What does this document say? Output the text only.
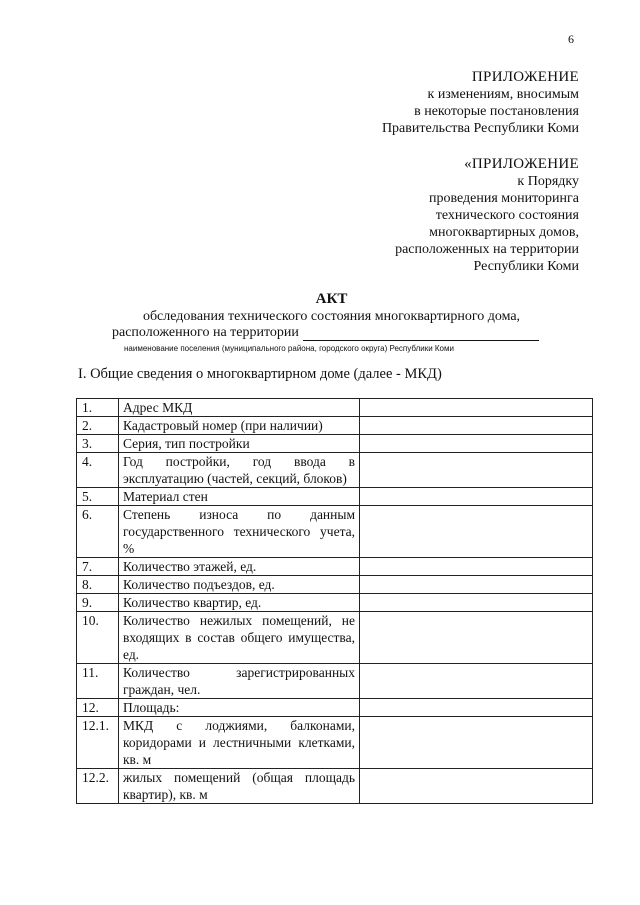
6
ПРИЛОЖЕНИЕ
к изменениям, вносимым
в некоторые постановления
Правительства Республики Коми
«ПРИЛОЖЕНИЕ
к Порядку
проведения мониторинга
технического состояния
многоквартирных домов,
расположенных на территории
Республики Коми
АКТ
обследования технического состояния многоквартирного дома,
расположенного на территории
наименование поселения (муниципального района, городского округа) Республики Коми
I. Общие сведения о многоквартирном доме (далее - МКД)
1.	Адрес МКД	
2.	Кадастровый номер (при наличии)	
3.	Серия, тип постройки	
4.	Год постройки, год ввода в эксплуатацию (частей, секций, блоков)	
5.	Материал стен	
6.	Степень износа по данным государственного технического учета, %	
7.	Количество этажей, ед.	
8.	Количество подъездов, ед.	
9.	Количество квартир, ед.	
10.	Количество нежилых помещений, не входящих в состав общего имущества, ед.	
11.	Количество зарегистрированных граждан, чел.	
12.	Площадь:	
12.1.	МКД с лоджиями, балконами, коридорами и лестничными клетками, кв. м	
12.2.	жилых помещений (общая площадь квартир), кв. м	
